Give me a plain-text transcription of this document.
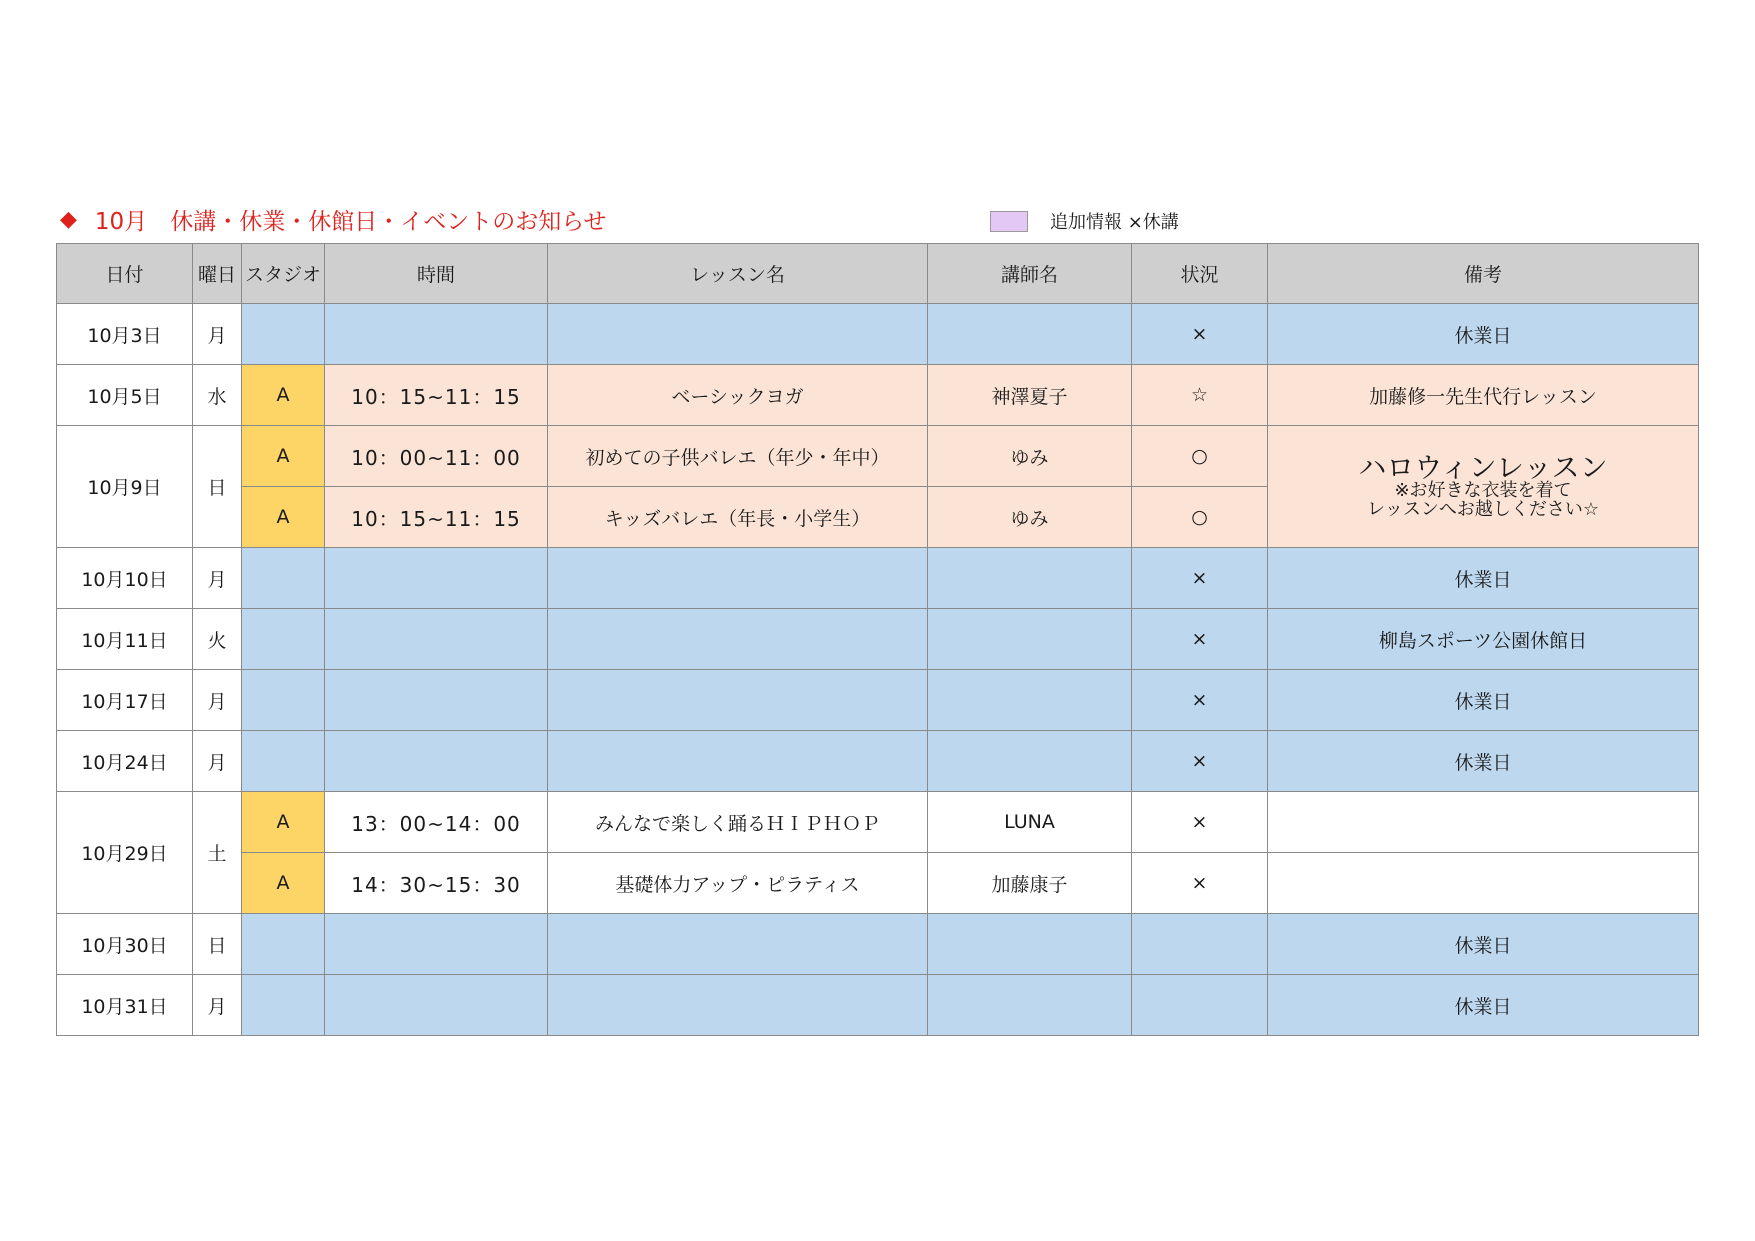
◆ 10月　休講・休業・休館日・イベントのお知らせ	追加情報 ×休講
日付	曜日	スタジオ	時間	レッスン名	講師名	状況	備考
10月3日	月					×	休業日
10月5日	水	A	10：15~11：15	ベーシックヨガ	神澤夏子	☆	加藤修一先生代行レッスン
10月9日	日	A	10：00~11：00	初めての子供バレエ（年少・年中）	ゆみ	○	ハロウィンレッスン
※お好きな衣装を着て
レッスンへお越しください☆

		A	10：15~11：15	キッズバレエ（年長・小学生）	ゆみ	○	
10月10日	月					×	休業日
10月11日	火					×	柳島スポーツ公園休館日
10月17日	月					×	休業日
10月24日	月					×	休業日
10月29日	土	A	13：00~14：00	みんなで楽しく踊るＨＩＰＨＯＰ	LUNA	×	
		A	14：30~15：30	基礎体力アップ・ピラティス	加藤康子	×	
10月30日	日						休業日
10月31日	月						休業日
